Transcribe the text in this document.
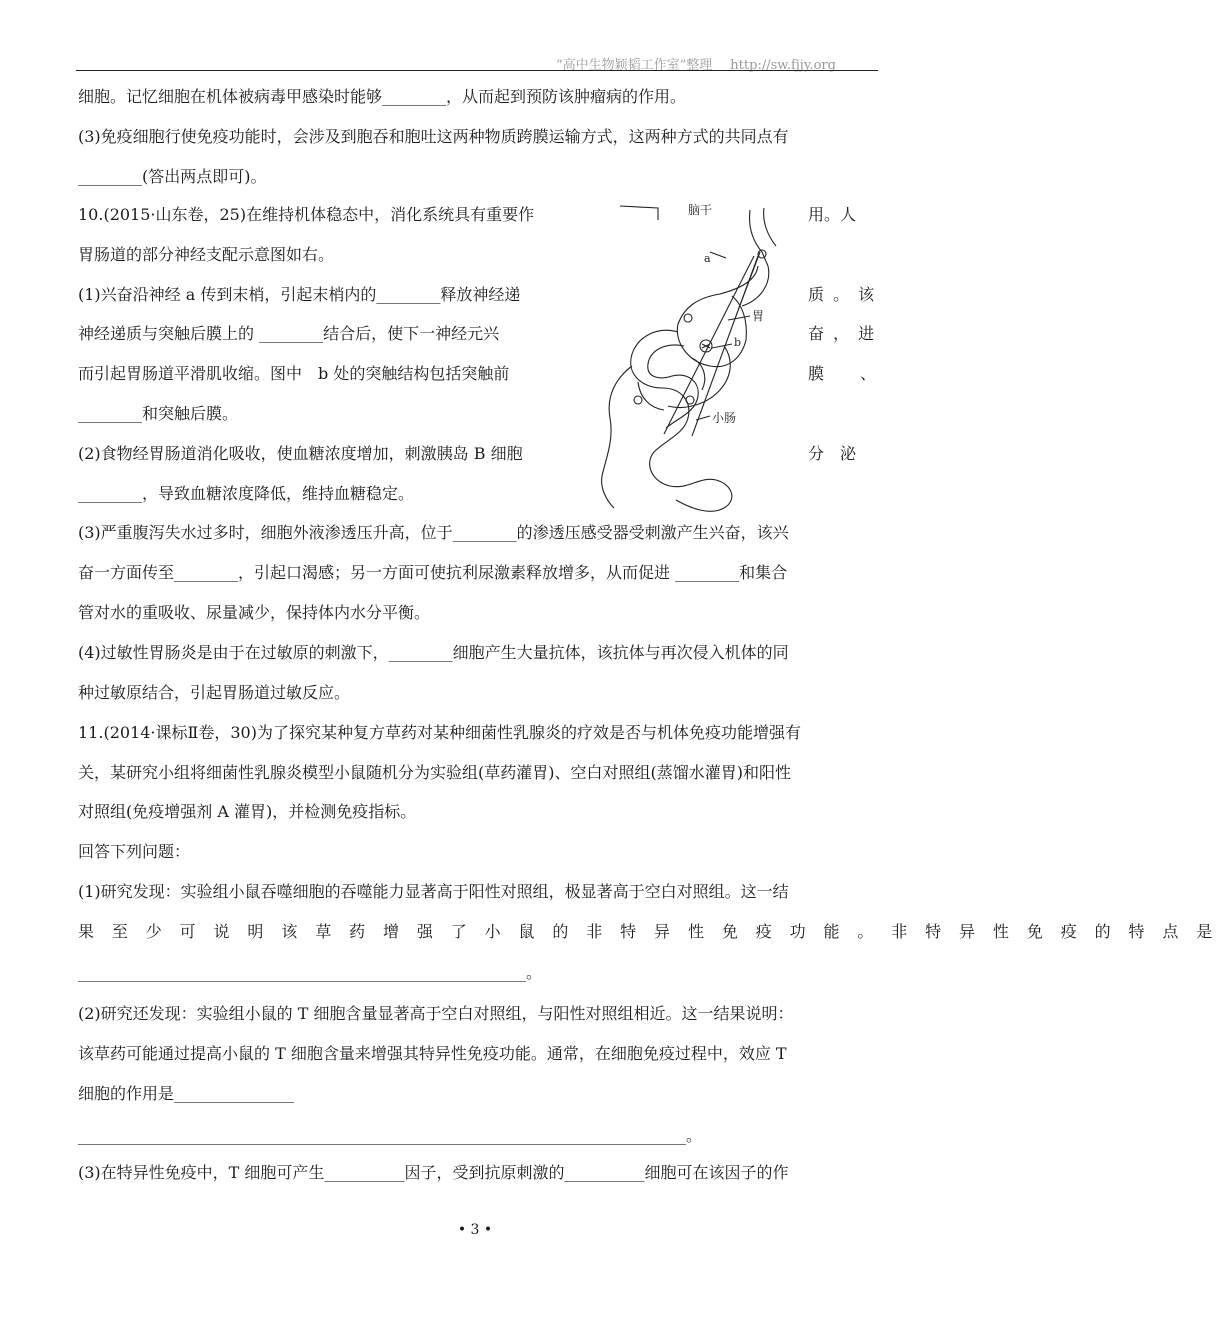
“高中生物颖韬工作室”整理 http://sw.fjjy.org
细胞。记忆细胞在机体被病毒甲感染时能够________，从而起到预防该肿瘤病的作用。
(3)免疫细胞行使免疫功能时，会涉及到胞吞和胞吐这两种物质跨膜运输方式，这两种方式的共同点有
________(答出两点即可)。
10.(2015·山东卷，25)在维持机体稳态中，消化系统具有重要作
胃肠道的部分神经支配示意图如右。
(1)兴奋沿神经 a 传到末梢，引起末梢内的________释放神经递
神经递质与突触后膜上的 ________结合后，使下一神经元兴
而引起胃肠道平滑肌收缩。图中　b 处的突触结构包括突触前
________和突触后膜。
(2)食物经胃肠道消化吸收，使血糖浓度增加，刺激胰岛 B 细胞
________，导致血糖浓度降低，维持血糖稳定。
(3)严重腹泻失水过多时，细胞外液渗透压升高，位于________的渗透压感受器受刺激产生兴奋，该兴
奋一方面传至________，引起口渴感；另一方面可使抗利尿激素释放增多，从而促进 ________和集合
管对水的重吸收、尿量减少，保持体内水分平衡。
(4)过敏性胃肠炎是由于在过敏原的刺激下，________细胞产生大量抗体，该抗体与再次侵入机体的同
种过敏原结合，引起胃肠道过敏反应。
11.(2014·课标Ⅱ卷，30)为了探究某种复方草药对某种细菌性乳腺炎的疗效是否与机体免疫功能增强有
关，某研究小组将细菌性乳腺炎模型小鼠随机分为实验组(草药灌胃)、空白对照组(蒸馏水灌胃)和阳性
对照组(免疫增强剂 A 灌胃)，并检测免疫指标。
回答下列问题：
(1)研究发现：实验组小鼠吞噬细胞的吞噬能力显著高于阳性对照组，极显著高于空白对照组。这一结
果 至 少 可 说 明 该 草 药 增 强 了 小 鼠 的 非 特 异 性 免 疫 功 能 。 非 特 异 性 免 疫 的 特 点 是
________________________________________________________。
(2)研究还发现：实验组小鼠的 T 细胞含量显著高于空白对照组，与阳性对照组相近。这一结果说明：
该草药可能通过提高小鼠的 T 细胞含量来增强其特异性免疫功能。通常，在细胞免疫过程中，效应 T
细胞的作用是_______________
____________________________________________________________________________。
(3)在特异性免疫中，T 细胞可产生__________因子，受到抗原刺激的__________细胞可在该因子的作
用。人
质 。 该
奋 ， 进
膜　、
分　泌
脑干
a
胃
b
小肠
• 3 •
